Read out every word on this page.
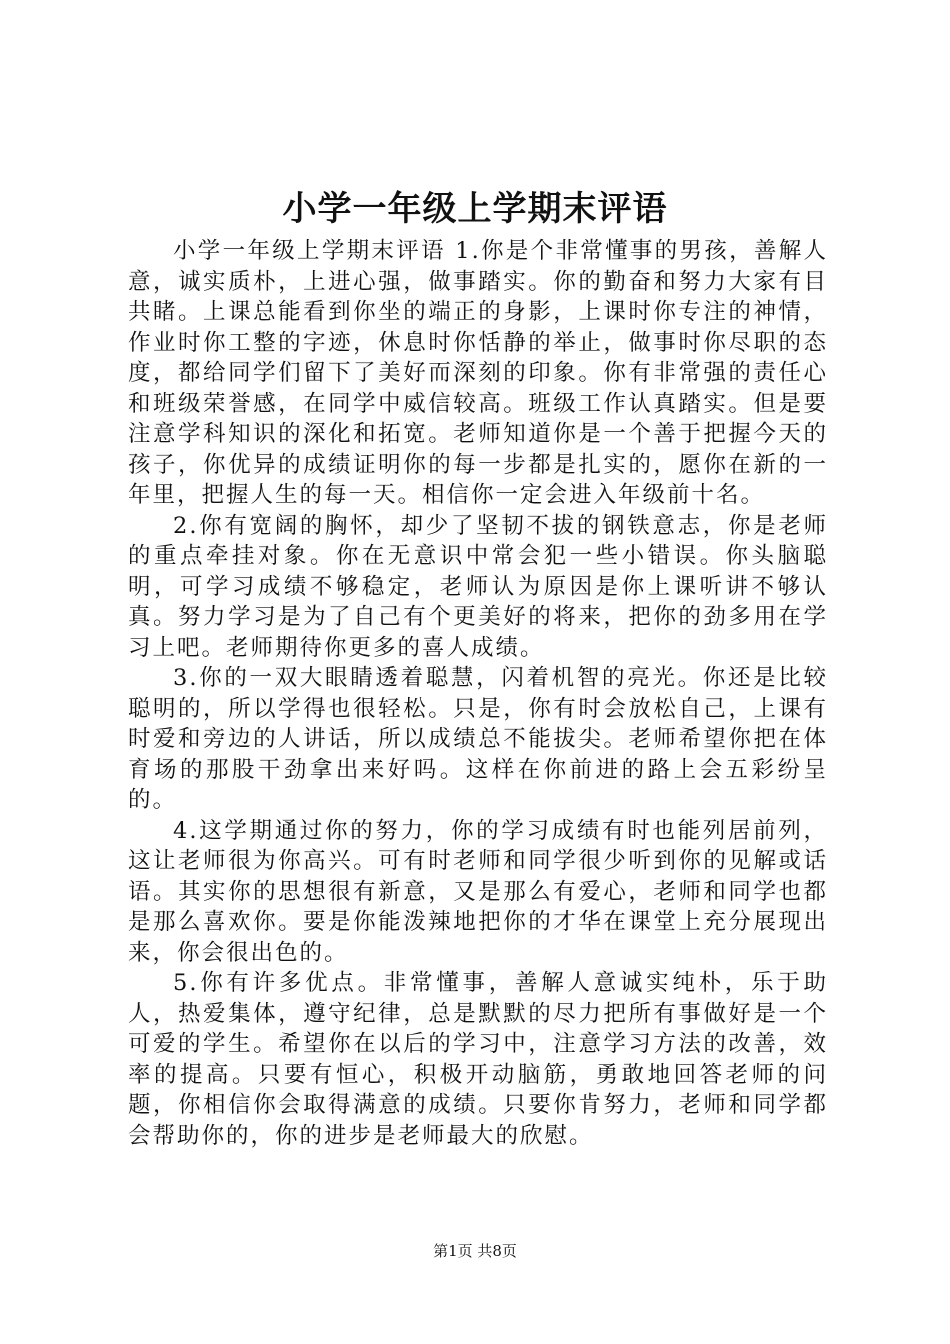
小学一年级上学期末评语

小学一年级上学期末评语 1.你是个非常懂事的男孩，善解人意，诚实质朴，上进心强，做事踏实。你的勤奋和努力大家有目共睹。上课总能看到你坐的端正的身影，上课时你专注的神情，作业时你工整的字迹，休息时你恬静的举止，做事时你尽职的态度，都给同学们留下了美好而深刻的印象。你有非常强的责任心和班级荣誉感，在同学中威信较高。班级工作认真踏实。但是要注意学科知识的深化和拓宽。老师知道你是一个善于把握今天的孩子，你优异的成绩证明你的每一步都是扎实的，愿你在新的一年里，把握人生的每一天。相信你一定会进入年级前十名。

2.你有宽阔的胸怀，却少了坚韧不拔的钢铁意志，你是老师的重点牵挂对象。你在无意识中常会犯一些小错误。你头脑聪明，可学习成绩不够稳定，老师认为原因是你上课听讲不够认真。努力学习是为了自己有个更美好的将来，把你的劲多用在学习上吧。老师期待你更多的喜人成绩。

3.你的一双大眼睛透着聪慧，闪着机智的亮光。你还是比较聪明的，所以学得也很轻松。只是，你有时会放松自己，上课有时爱和旁边的人讲话，所以成绩总不能拔尖。老师希望你把在体育场的那股干劲拿出来好吗。这样在你前进的路上会五彩纷呈的。

4.这学期通过你的努力，你的学习成绩有时也能列居前列，这让老师很为你高兴。可有时老师和同学很少听到你的见解或话语。其实你的思想很有新意，又是那么有爱心，老师和同学也都是那么喜欢你。要是你能泼辣地把你的才华在课堂上充分展现出来，你会很出色的。

5.你有许多优点。非常懂事，善解人意诚实纯朴，乐于助人，热爱集体，遵守纪律，总是默默的尽力把所有事做好是一个可爱的学生。希望你在以后的学习中，注意学习方法的改善，效率的提高。只要有恒心，积极开动脑筋，勇敢地回答老师的问题，你相信你会取得满意的成绩。只要你肯努力，老师和同学都会帮助你的，你的进步是老师最大的欣慰。

第1页 共8页
